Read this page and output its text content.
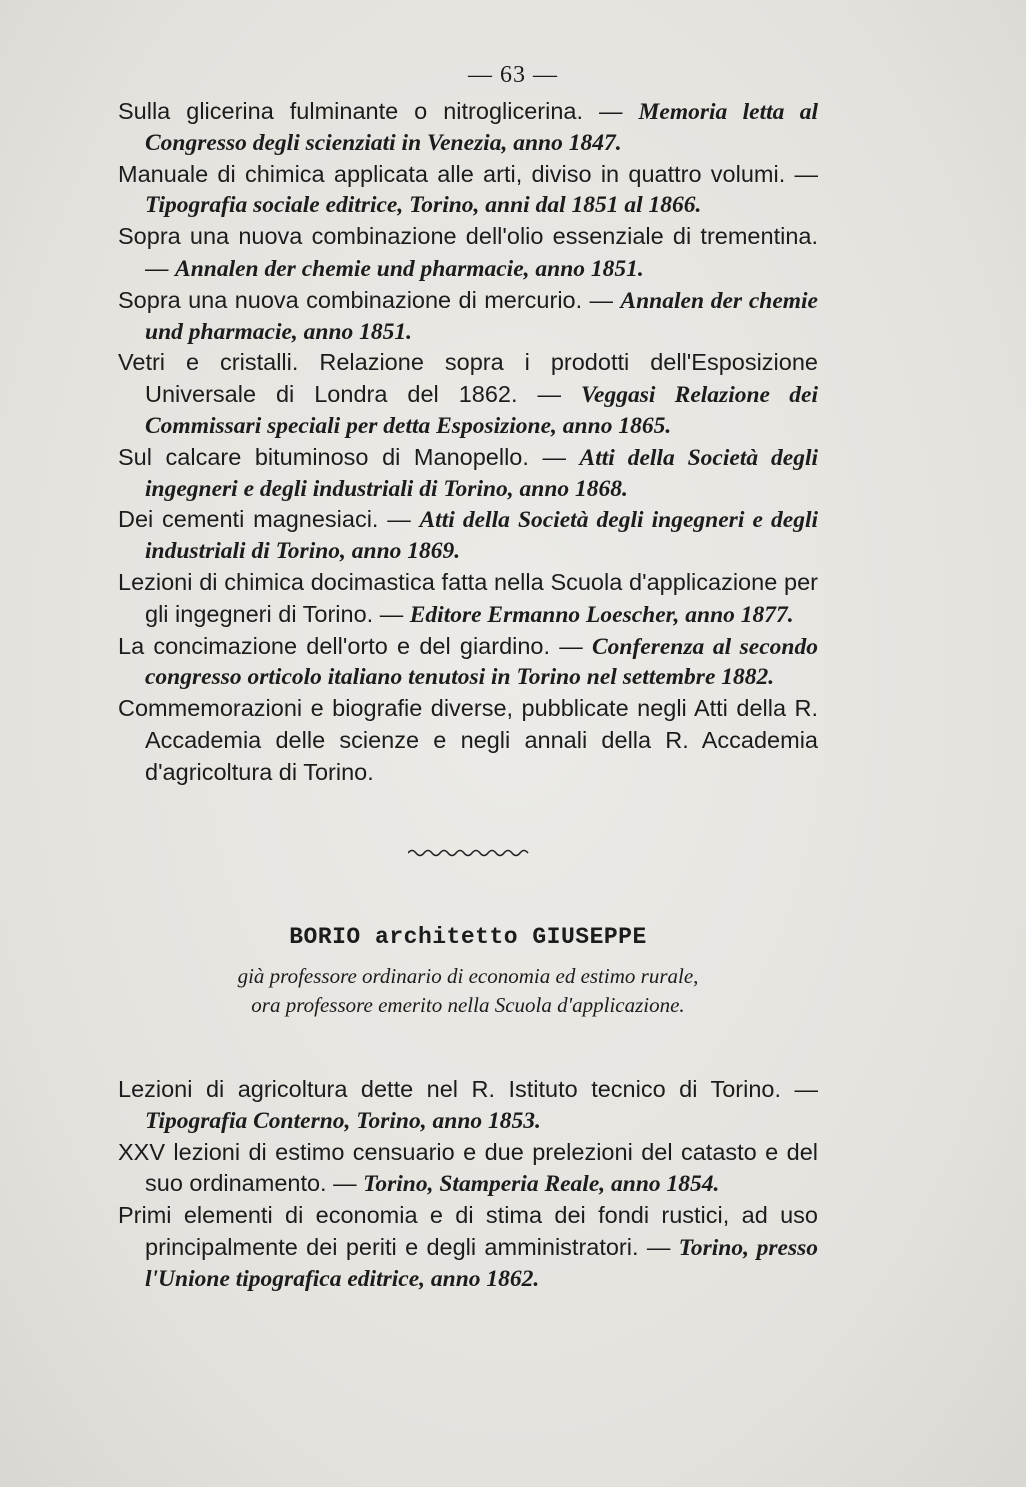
— 63 —

Sulla glicerina fulminante o nitroglicerina. — Memoria letta al Congresso degli scienziati in Venezia, anno 1847.

Manuale di chimica applicata alle arti, diviso in quattro volumi. — Tipografia sociale editrice, Torino, anni dal 1851 al 1866.

Sopra una nuova combinazione dell'olio essenziale di trementina. — Annalen der chemie und pharmacie, anno 1851.

Sopra una nuova combinazione di mercurio. — Annalen der chemie und pharmacie, anno 1851.

Vetri e cristalli. Relazione sopra i prodotti dell'Esposizione Universale di Londra del 1862. — Veggasi Relazione dei Commissari speciali per detta Esposizione, anno 1865.

Sul calcare bituminoso di Manopello. — Atti della Società degli ingegneri e degli industriali di Torino, anno 1868.

Dei cementi magnesiaci. — Atti della Società degli ingegneri e degli industriali di Torino, anno 1869.

Lezioni di chimica docimastica fatta nella Scuola d'applicazione per gli ingegneri di Torino. — Editore Ermanno Loescher, anno 1877.

La concimazione dell'orto e del giardino. — Conferenza al secondo congresso orticolo italiano tenutosi in Torino nel settembre 1882.

Commemorazioni e biografie diverse, pubblicate negli Atti della R. Accademia delle scienze e negli annali della R. Accademia d'agricoltura di Torino.

BORIO architetto GIUSEPPE

già professore ordinario di economia ed estimo rurale,

ora professore emerito nella Scuola d'applicazione.

Lezioni di agricoltura dette nel R. Istituto tecnico di Torino. — Tipografia Conterno, Torino, anno 1853.

XXV lezioni di estimo censuario e due prelezioni del catasto e del suo ordinamento. — Torino, Stamperia Reale, anno 1854.

Primi elementi di economia e di stima dei fondi rustici, ad uso principalmente dei periti e degli amministratori. — Torino, presso l'Unione tipografica editrice, anno 1862.
